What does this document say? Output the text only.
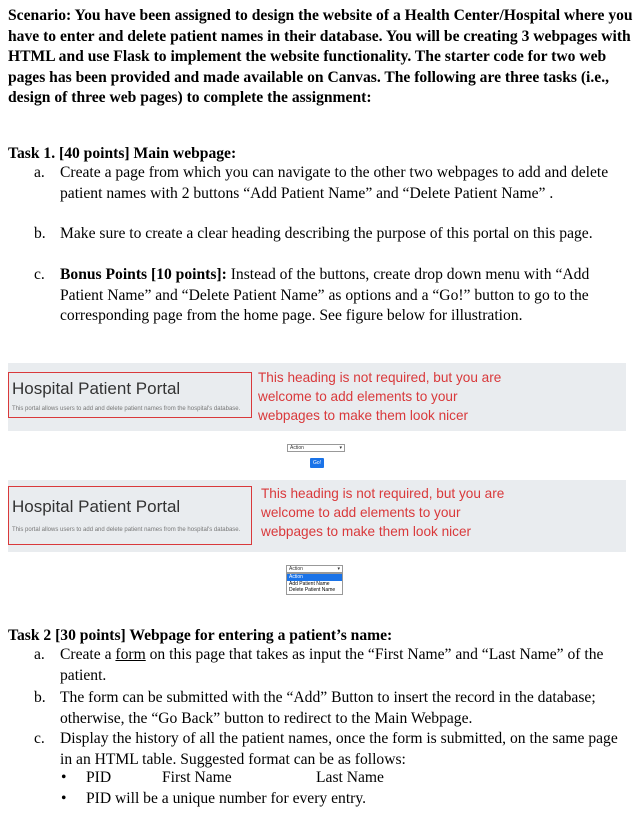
Scenario: You have been assigned to design the website of a Health Center/Hospital where you have to enter and delete patient names in their database. You will be creating 3 webpages with HTML and use Flask to implement the website functionality. The starter code for two web pages has been provided and made available on Canvas. The following are three tasks (i.e., design of three web pages) to complete the assignment:
Task 1. [40 points] Main webpage:
a. Create a page from which you can navigate to the other two webpages to add and delete patient names with 2 buttons “Add Patient Name” and “Delete Patient Name” .
b. Make sure to create a clear heading describing the purpose of this portal on this page.
c. Bonus Points [10 points]: Instead of the buttons, create drop down menu with “Add Patient Name” and “Delete Patient Name” as options and a “Go!” button to go to the corresponding page from the home page. See figure below for illustration.
Hospital Patient Portal
This portal allows users to add and delete patient names from the hospital's database.
This heading is not required, but you are
welcome to add elements to your
webpages to make them look nicer
Action	▾
Go!
Hospital Patient Portal
This portal allows users to add and delete patient names from the hospital's database.
This heading is not required, but you are
welcome to add elements to your
webpages to make them look nicer
Action	▾
Action
Add Patient Name
Delete Patient Name
Task 2 [30 points] Webpage for entering a patient’s name:
a. Create a form on this page that takes as input the “First Name” and “Last Name” of the patient.
b. The form can be submitted with the “Add” Button to insert the record in the database; otherwise, the “Go Back” button to redirect to the Main Webpage.
c. Display the history of all the patient names, once the form is submitted, on the same page in an HTML table. Suggested format can be as follows:
• PID	First Name	Last Name
• PID will be a unique number for every entry.
